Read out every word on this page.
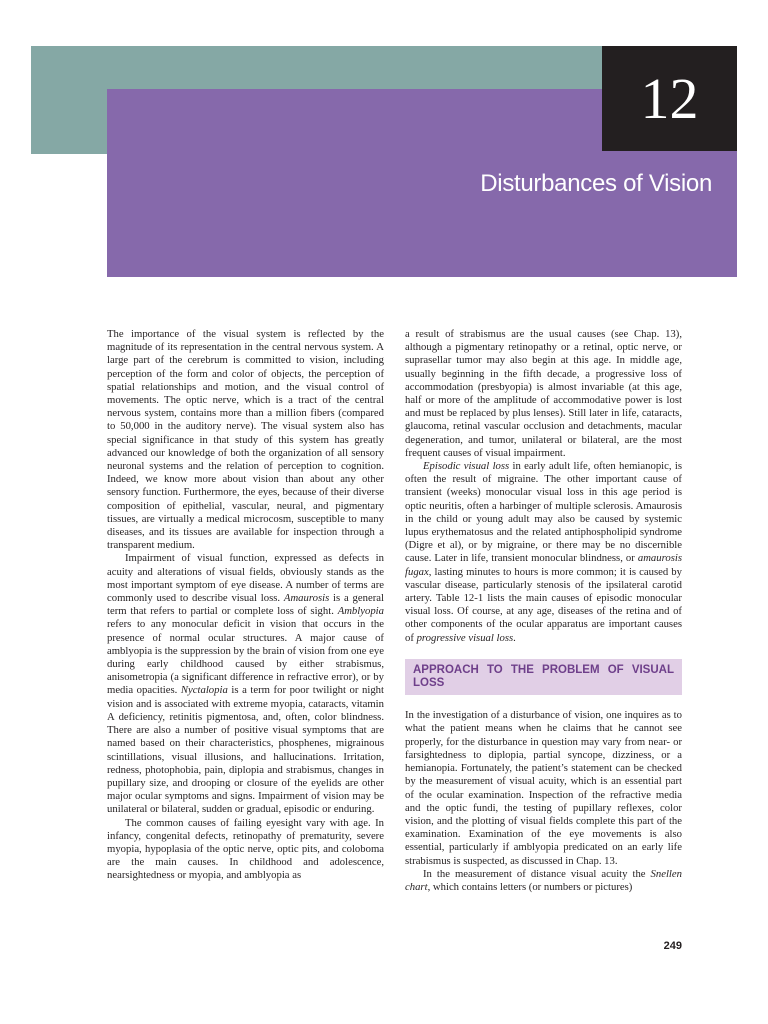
12
Disturbances of Vision

The importance of the visual system is reflected by the magnitude of its representation in the central nervous system. A large part of the cerebrum is committed to vision, including perception of the form and color of objects, the perception of spatial relationships and motion, and the visual control of movements. The optic nerve, which is a tract of the central nervous system, contains more than a million fibers (compared to 50,000 in the auditory nerve). The visual system also has special significance in that study of this system has greatly advanced our knowledge of both the organization of all sensory neuronal systems and the relation of perception to cognition. Indeed, we know more about vision than about any other sensory function. Furthermore, the eyes, because of their diverse composition of epithelial, vascular, neural, and pigmentary tissues, are virtually a medical microcosm, susceptible to many diseases, and its tissues are available for inspection through a transparent medium.

Impairment of visual function, expressed as defects in acuity and alterations of visual fields, obviously stands as the most important symptom of eye disease. A number of terms are commonly used to describe visual loss. Amaurosis is a general term that refers to partial or complete loss of sight. Amblyopia refers to any monocular deficit in vision that occurs in the presence of normal ocular structures. A major cause of amblyopia is the suppression by the brain of vision from one eye during early childhood caused by either strabismus, anisometropia (a significant difference in refractive error), or by media opacities. Nyctalopia is a term for poor twilight or night vision and is associated with extreme myopia, cataracts, vitamin A deficiency, retinitis pigmentosa, and, often, color blindness. There are also a number of positive visual symptoms that are named based on their characteristics, phosphenes, migrainous scintillations, visual illusions, and hallucinations. Irritation, redness, photophobia, pain, diplopia and strabismus, changes in pupillary size, and drooping or closure of the eyelids are other major ocular symptoms and signs. Impairment of vision may be unilateral or bilateral, sudden or gradual, episodic or enduring.

The common causes of failing eyesight vary with age. In infancy, congenital defects, retinopathy of prematurity, severe myopia, hypoplasia of the optic nerve, optic pits, and coloboma are the main causes. In childhood and adolescence, nearsightedness or myopia, and amblyopia as

a result of strabismus are the usual causes (see Chap. 13), although a pigmentary retinopathy or a retinal, optic nerve, or suprasellar tumor may also begin at this age. In middle age, usually beginning in the fifth decade, a progressive loss of accommodation (presbyopia) is almost invariable (at this age, half or more of the amplitude of accommodative power is lost and must be replaced by plus lenses). Still later in life, cataracts, glaucoma, retinal vascular occlusion and detachments, macular degeneration, and tumor, unilateral or bilateral, are the most frequent causes of visual impairment.

Episodic visual loss in early adult life, often hemianopic, is often the result of migraine. The other important cause of transient (weeks) monocular visual loss in this age period is optic neuritis, often a harbinger of multiple sclerosis. Amaurosis in the child or young adult may also be caused by systemic lupus erythematosus and the related antiphospholipid syndrome (Digre et al), or by migraine, or there may be no discernible cause. Later in life, transient monocular blindness, or amaurosis fugax, lasting minutes to hours is more common; it is caused by vascular disease, particularly stenosis of the ipsilateral carotid artery. Table 12-1 lists the main causes of episodic monocular visual loss. Of course, at any age, diseases of the retina and of other components of the ocular apparatus are important causes of progressive visual loss.

APPROACH TO THE PROBLEM OF VISUAL LOSS

In the investigation of a disturbance of vision, one inquires as to what the patient means when he claims that he cannot see properly, for the disturbance in question may vary from near- or farsightedness to diplopia, partial syncope, dizziness, or a hemianopia. Fortunately, the patient’s statement can be checked by the measurement of visual acuity, which is an essential part of the ocular examination. Inspection of the refractive media and the optic fundi, the testing of pupillary reflexes, color vision, and the plotting of visual fields complete this part of the examination. Examination of the eye movements is also essential, particularly if amblyopia predicated on an early life strabismus is suspected, as discussed in Chap. 13.

In the measurement of distance visual acuity the Snellen chart, which contains letters (or numbers or pictures)

249
